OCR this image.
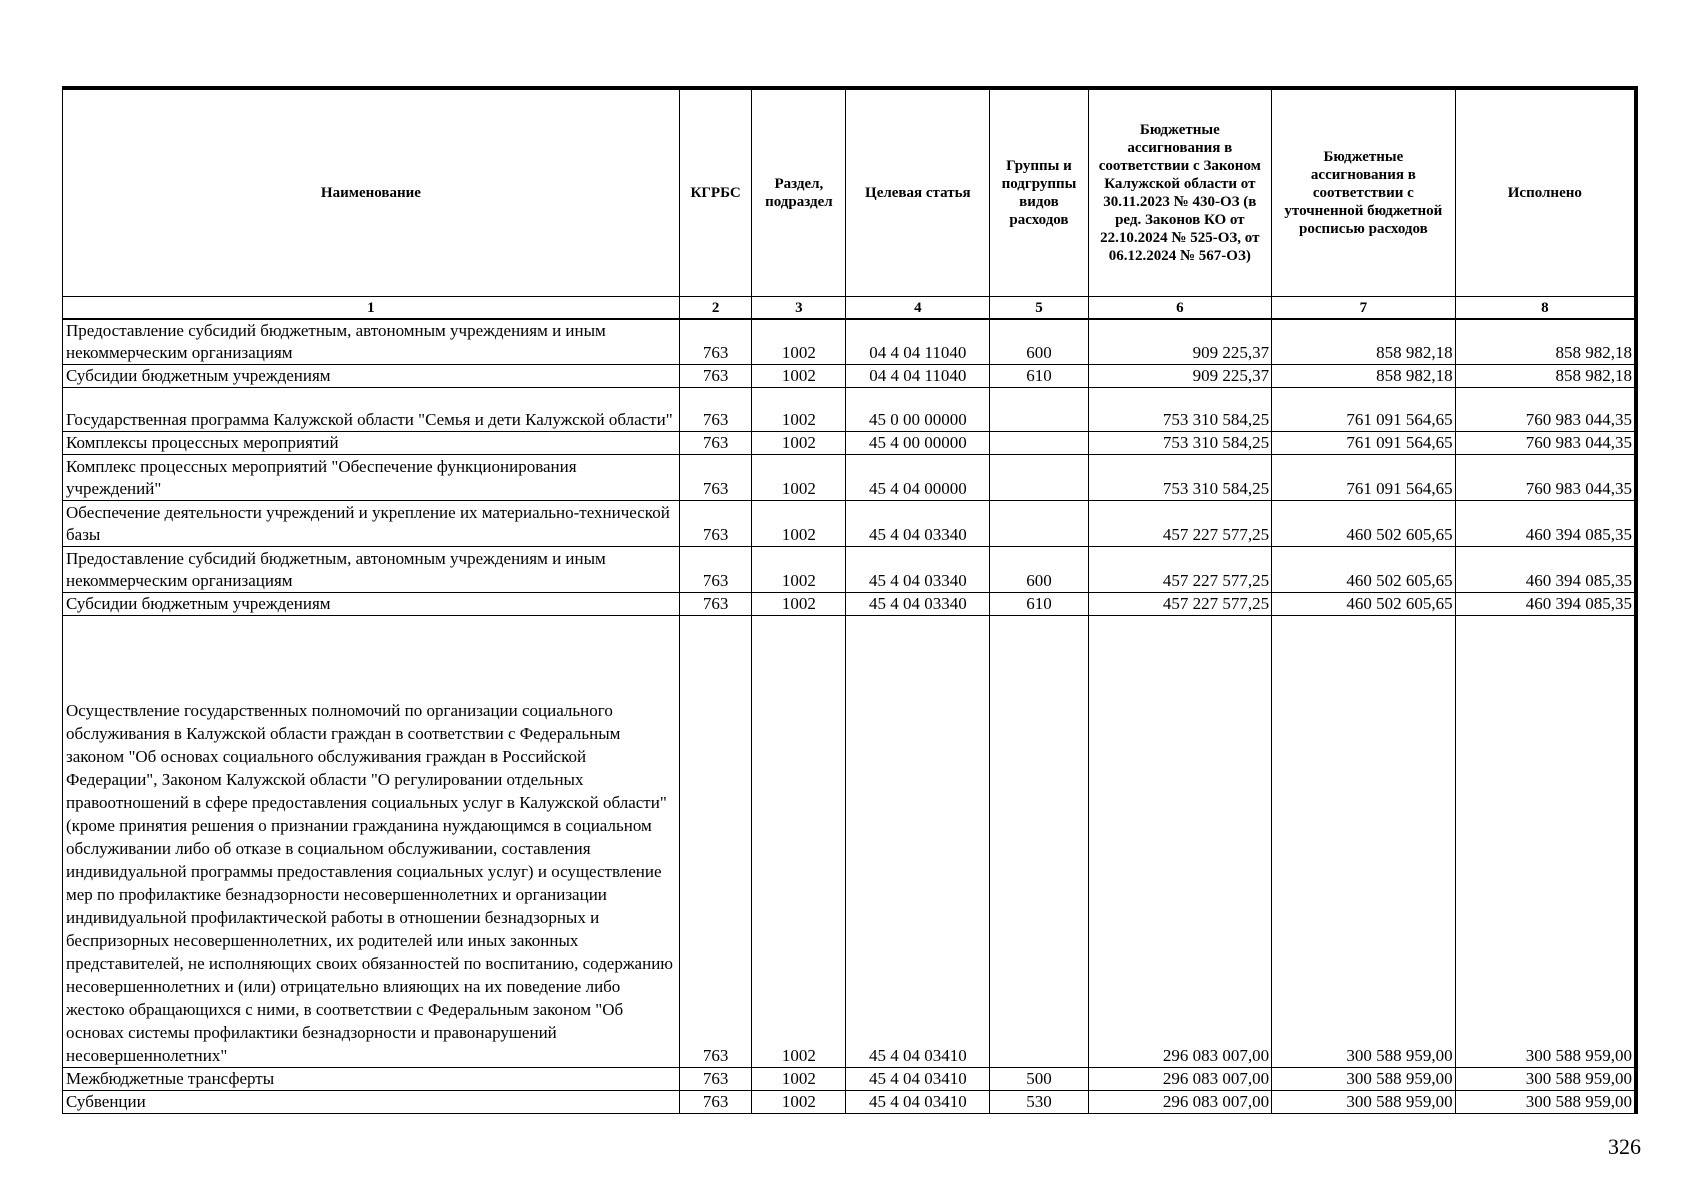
Наименование	КГРБС	Раздел, подраздел	Целевая статья	Группы и подгруппы видов расходов	Бюджетные ассигнования в соответствии с Законом Калужской области от 30.11.2023 № 430-ОЗ (в ред. Законов КО от 22.10.2024 № 525-ОЗ, от 06.12.2024 № 567-ОЗ)	Бюджетные ассигнования в соответствии с уточненной бюджетной росписью расходов	Исполнено
1	2	3	4	5	6	7	8
Предоставление субсидий бюджетным, автономным учреждениям и иным некоммерческим организациям	763	1002	04 4 04 11040	600	909 225,37	858 982,18	858 982,18
Субсидии бюджетным учреждениям	763	1002	04 4 04 11040	610	909 225,37	858 982,18	858 982,18
Государственная программа Калужской области "Семья и дети Калужской области"	763	1002	45 0 00 00000		753 310 584,25	761 091 564,65	760 983 044,35
Комплексы процессных мероприятий	763	1002	45 4 00 00000		753 310 584,25	761 091 564,65	760 983 044,35
Комплекс процессных мероприятий "Обеспечение функционирования учреждений"	763	1002	45 4 04 00000		753 310 584,25	761 091 564,65	760 983 044,35
Обеспечение деятельности учреждений и укрепление их материально-технической базы	763	1002	45 4 04 03340		457 227 577,25	460 502 605,65	460 394 085,35
Предоставление субсидий бюджетным, автономным учреждениям и иным некоммерческим организациям	763	1002	45 4 04 03340	600	457 227 577,25	460 502 605,65	460 394 085,35
Субсидии бюджетным учреждениям	763	1002	45 4 04 03340	610	457 227 577,25	460 502 605,65	460 394 085,35
Осуществление государственных полномочий по организации социального обслуживания в Калужской области граждан в соответствии с Федеральным законом "Об основах социального обслуживания граждан в Российской Федерации", Законом Калужской области "О регулировании отдельных правоотношений в сфере предоставления социальных услуг в Калужской области" (кроме принятия решения о признании гражданина нуждающимся в социальном обслуживании либо об отказе в социальном обслуживании, составления индивидуальной программы предоставления социальных услуг) и осуществление мер по профилактике безнадзорности несовершеннолетних и организации индивидуальной профилактической работы в отношении безнадзорных и беспризорных несовершеннолетних, их родителей или иных законных представителей, не исполняющих своих обязанностей по воспитанию, содержанию несовершеннолетних и (или) отрицательно влияющих на их поведение либо жестоко обращающихся с ними, в соответствии с Федеральным законом "Об основах системы профилактики безнадзорности и правонарушений несовершеннолетних"	763	1002	45 4 04 03410		296 083 007,00	300 588 959,00	300 588 959,00
Межбюджетные трансферты	763	1002	45 4 04 03410	500	296 083 007,00	300 588 959,00	300 588 959,00
Субвенции	763	1002	45 4 04 03410	530	296 083 007,00	300 588 959,00	300 588 959,00
326
